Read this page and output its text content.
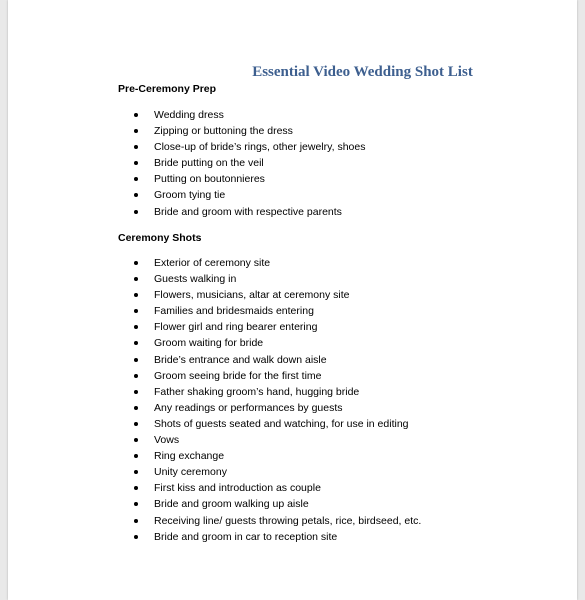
Essential Video Wedding Shot List
Pre-Ceremony Prep
Wedding dress
Zipping or buttoning the dress
Close-up of bride’s rings, other jewelry, shoes
Bride putting on the veil
Putting on boutonnieres
Groom tying tie
Bride and groom with respective parents
Ceremony Shots
Exterior of ceremony site
Guests walking in
Flowers, musicians, altar at ceremony site
Families and bridesmaids entering
Flower girl and ring bearer entering
Groom waiting for bride
Bride’s entrance and walk down aisle
Groom seeing bride for the first time
Father shaking groom’s hand, hugging bride
Any readings or performances by guests
Shots of guests seated and watching, for use in editing
Vows
Ring exchange
Unity ceremony
First kiss and introduction as couple
Bride and groom walking up aisle
Receiving line/ guests throwing petals, rice, birdseed, etc.
Bride and groom in car to reception site
